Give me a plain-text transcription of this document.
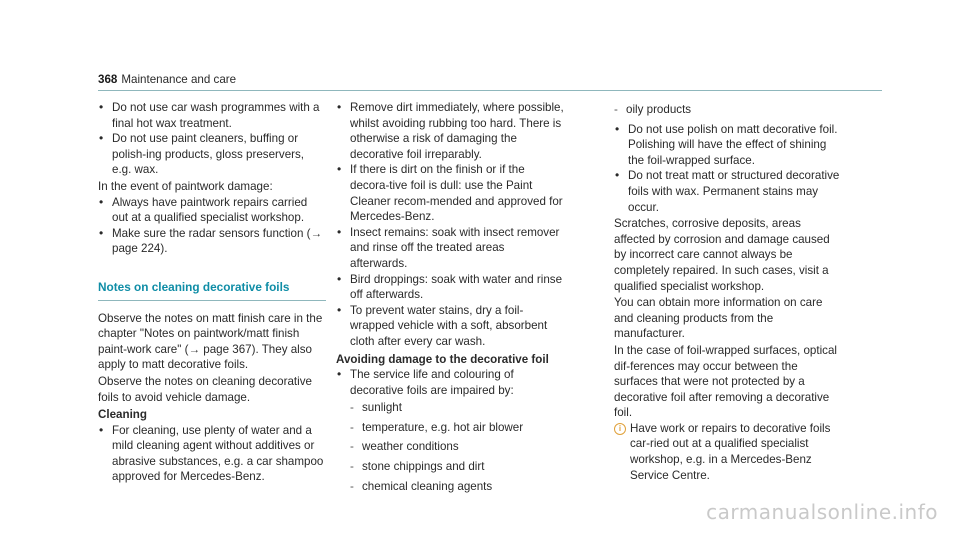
368 Maintenance and care
• Do not use car wash programmes with a final hot wax treatment.
• Do not use paint cleaners, buffing or polish-ing products, gloss preservers, e.g. wax.
In the event of paintwork damage:
• Always have paintwork repairs carried out at a qualified specialist workshop.
• Make sure the radar sensors function (→ page 224).
Notes on cleaning decorative foils
Observe the notes on matt finish care in the chapter "Notes on paintwork/matt finish paint-work care" (→ page 367). They also apply to matt decorative foils.
Observe the notes on cleaning decorative foils to avoid vehicle damage.
Cleaning
• For cleaning, use plenty of water and a mild cleaning agent without additives or abrasive substances, e.g. a car shampoo approved for Mercedes-Benz.
• Remove dirt immediately, where possible, whilst avoiding rubbing too hard. There is otherwise a risk of damaging the decorative foil irreparably.
• If there is dirt on the finish or if the decora-tive foil is dull: use the Paint Cleaner recom-mended and approved for Mercedes-Benz.
• Insect remains: soak with insect remover and rinse off the treated areas afterwards.
• Bird droppings: soak with water and rinse off afterwards.
• To prevent water stains, dry a foil-wrapped vehicle with a soft, absorbent cloth after every car wash.
Avoiding damage to the decorative foil
• The service life and colouring of decorative foils are impaired by:
- sunlight
- temperature, e.g. hot air blower
- weather conditions
- stone chippings and dirt
- chemical cleaning agents
- oily products
• Do not use polish on matt decorative foil. Polishing will have the effect of shining the foil-wrapped surface.
• Do not treat matt or structured decorative foils with wax. Permanent stains may occur.
Scratches, corrosive deposits, areas affected by corrosion and damage caused by incorrect care cannot always be completely repaired. In such cases, visit a qualified specialist workshop.
You can obtain more information on care and cleaning products from the manufacturer.
In the case of foil-wrapped surfaces, optical dif-ferences may occur between the surfaces that were not protected by a decorative foil after removing a decorative foil.
i Have work or repairs to decorative foils car-ried out at a qualified specialist workshop, e.g. in a Mercedes-Benz Service Centre.
carmanualsonline.info
